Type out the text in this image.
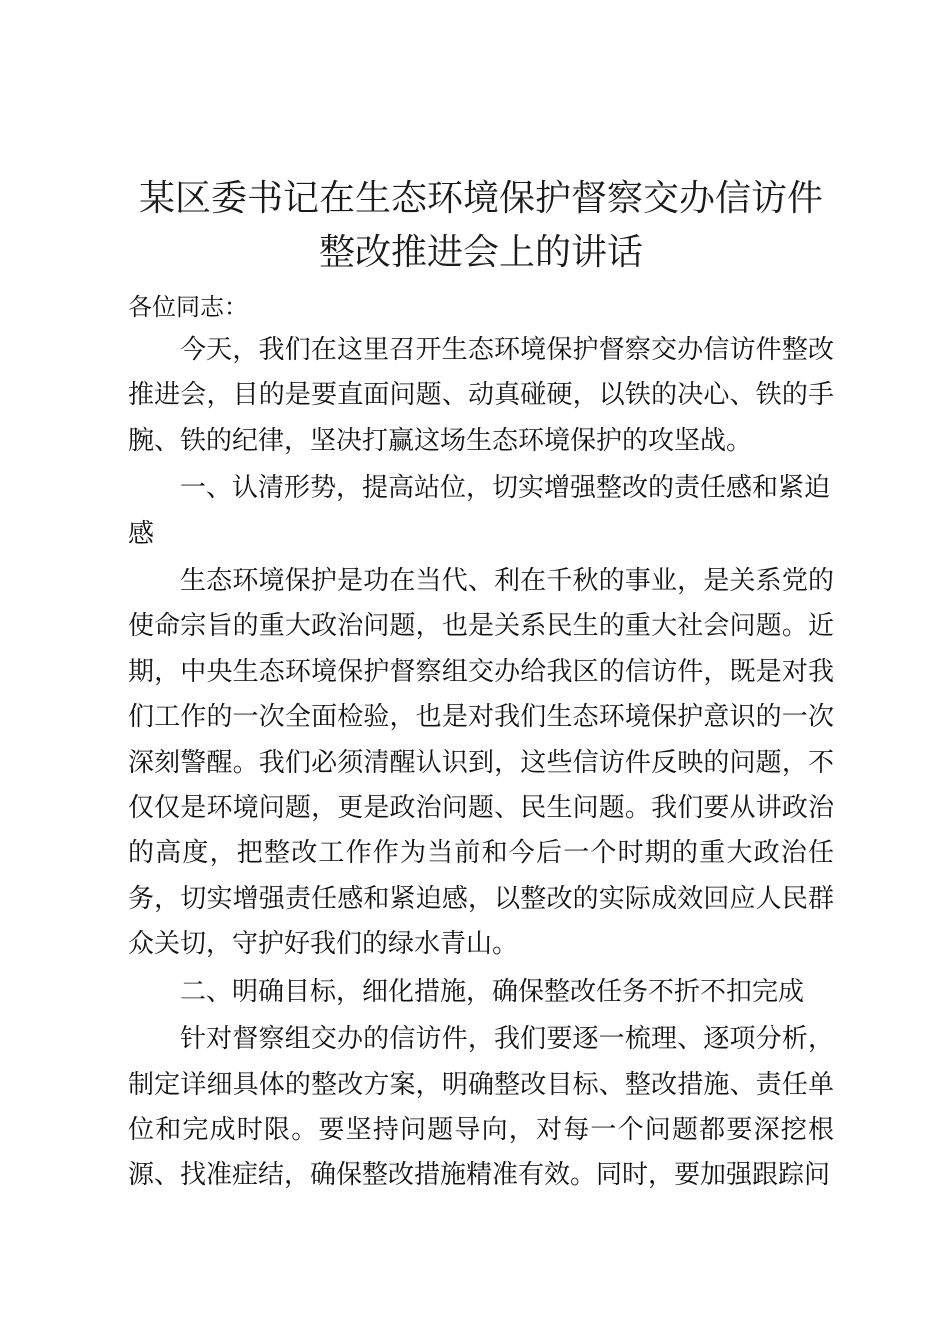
某区委书记在生态环境保护督察交办信访件整改推进会上的讲话

各位同志：

今天，我们在这里召开生态环境保护督察交办信访件整改推进会，目的是要直面问题、动真碰硬，以铁的决心、铁的手腕、铁的纪律，坚决打赢这场生态环境保护的攻坚战。

一、认清形势，提高站位，切实增强整改的责任感和紧迫感

生态环境保护是功在当代、利在千秋的事业，是关系党的使命宗旨的重大政治问题，也是关系民生的重大社会问题。近期，中央生态环境保护督察组交办给我区的信访件，既是对我们工作的一次全面检验，也是对我们生态环境保护意识的一次深刻警醒。我们必须清醒认识到，这些信访件反映的问题，不仅仅是环境问题，更是政治问题、民生问题。我们要从讲政治的高度，把整改工作作为当前和今后一个时期的重大政治任务，切实增强责任感和紧迫感，以整改的实际成效回应人民群众关切，守护好我们的绿水青山。

二、明确目标，细化措施，确保整改任务不折不扣完成

针对督察组交办的信访件，我们要逐一梳理、逐项分析，制定详细具体的整改方案，明确整改目标、整改措施、责任单位和完成时限。要坚持问题导向，对每一个问题都要深挖根源、找准症结，确保整改措施精准有效。同时，要加强跟踪问
